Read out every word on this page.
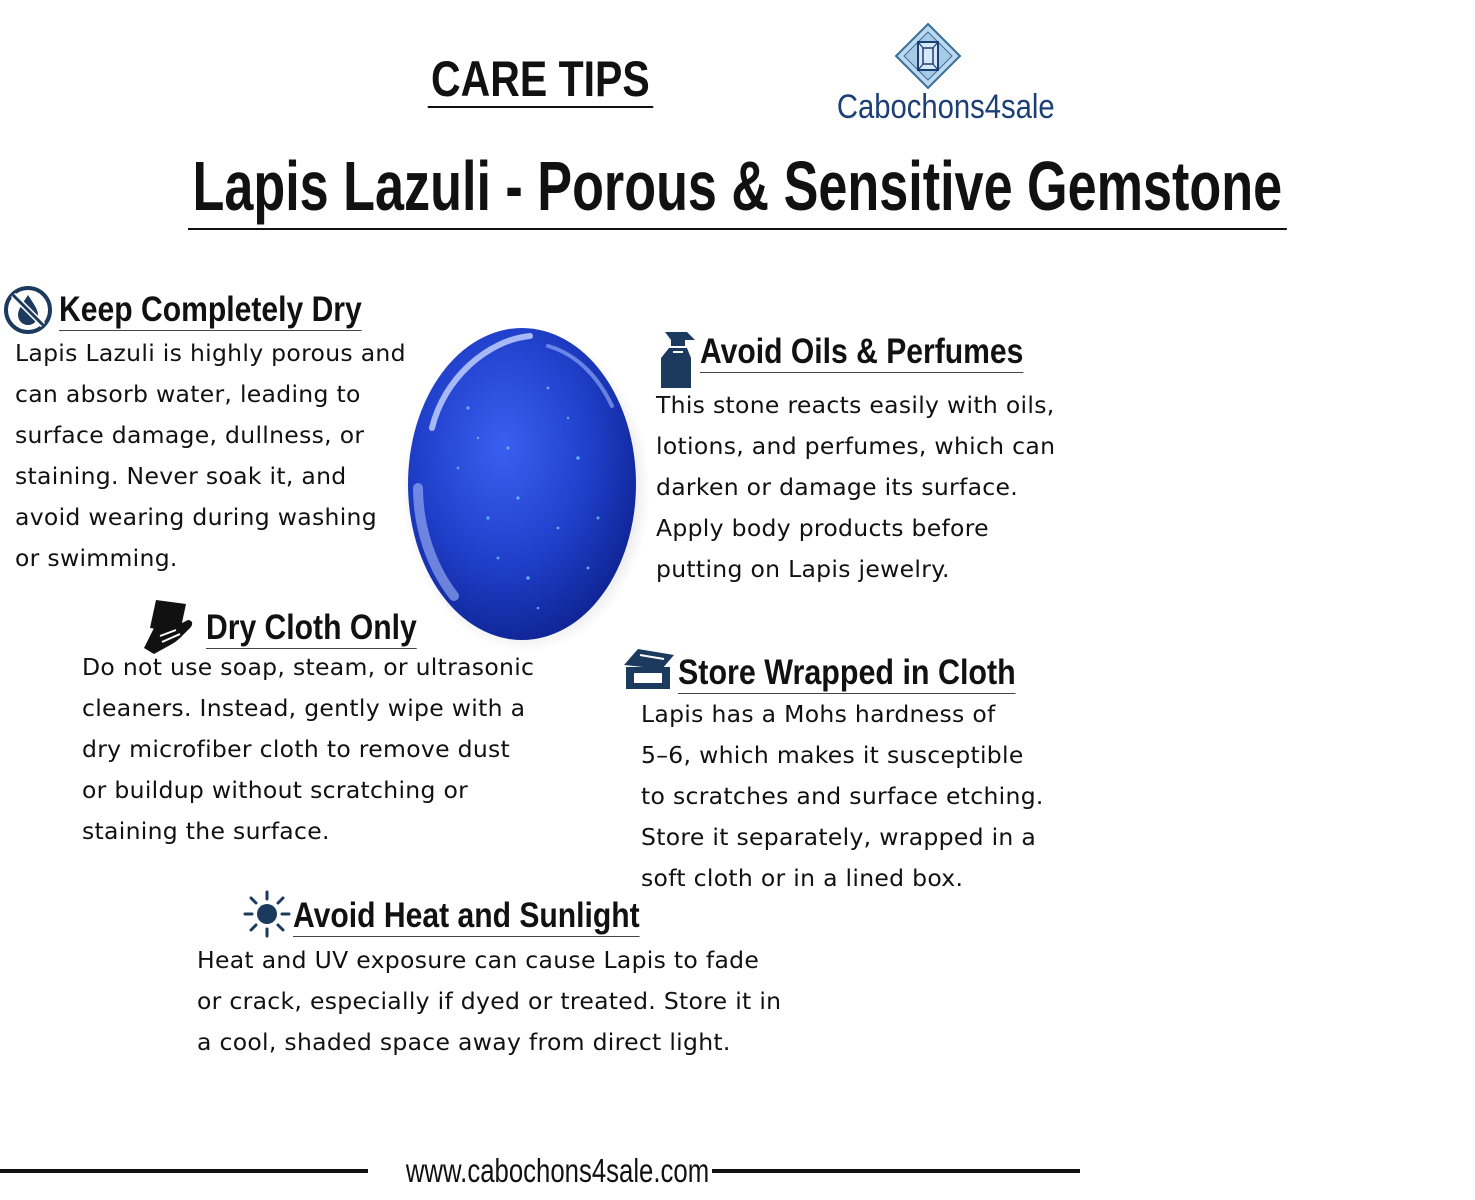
CARE TIPS	Cabochons4sale
Lapis Lazuli - Porous & Sensitive Gemstone
Keep Completely Dry
Lapis Lazuli is highly porous and
can absorb water, leading to
surface damage, dullness, or
staining. Never soak it, and
avoid wearing during washing
or swimming.
Avoid Oils & Perfumes
This stone reacts easily with oils,
lotions, and perfumes, which can
darken or damage its surface.
Apply body products before
putting on Lapis jewelry.
Dry Cloth Only
Do not use soap, steam, or ultrasonic
cleaners. Instead, gently wipe with a
dry microfiber cloth to remove dust
or buildup without scratching or
staining the surface.
Store Wrapped in Cloth
Lapis has a Mohs hardness of
5–6, which makes it susceptible
to scratches and surface etching.
Store it separately, wrapped in a
soft cloth or in a lined box.
Avoid Heat and Sunlight
Heat and UV exposure can cause Lapis to fade
or crack, especially if dyed or treated. Store it in
a cool, shaded space away from direct light.
www.cabochons4sale.com
